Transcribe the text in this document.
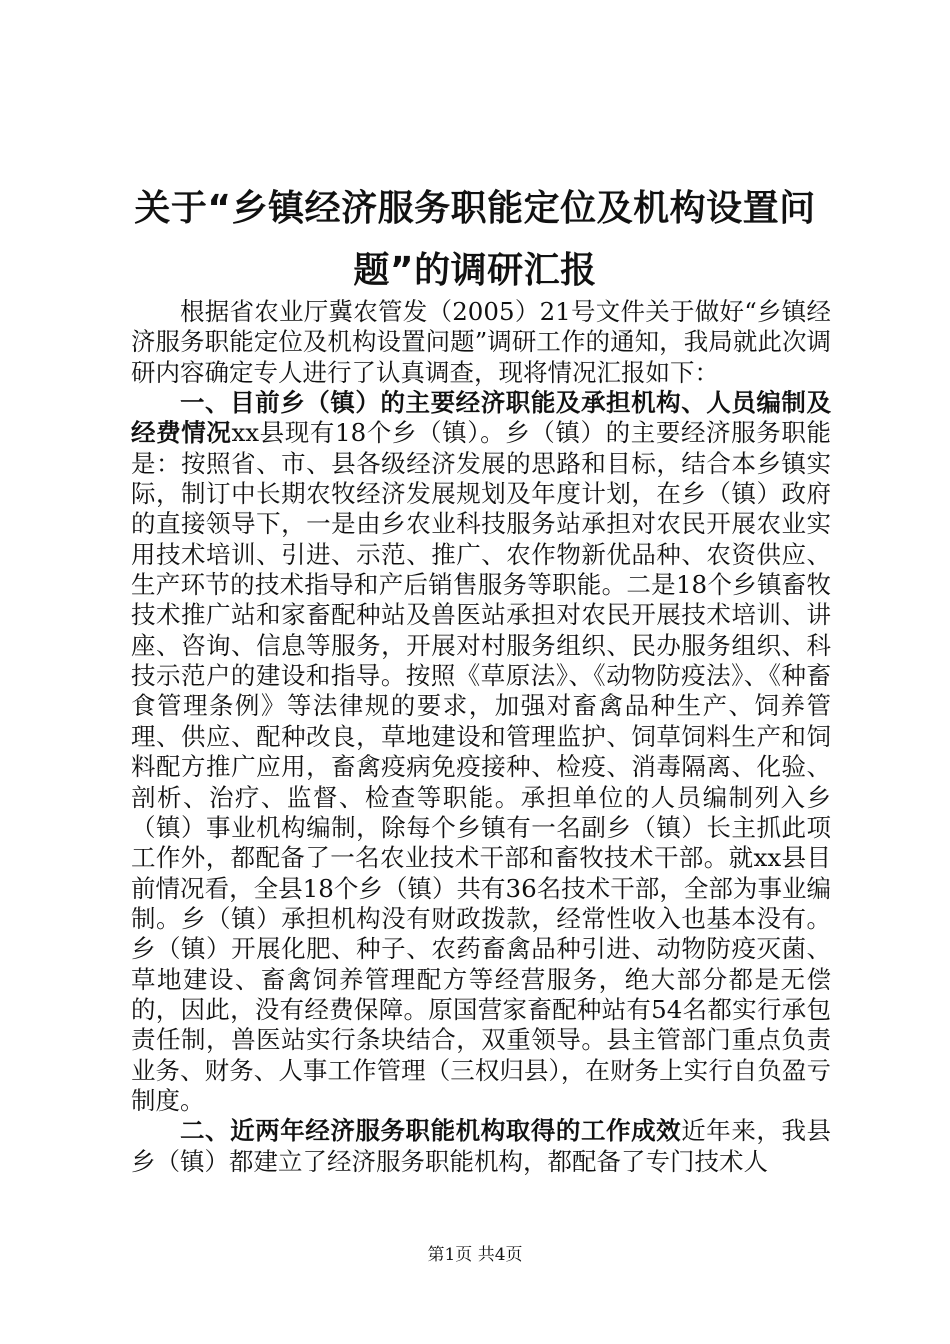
关于“乡镇经济服务职能定位及机构设置问题”的调研汇报

根据省农业厅冀农管发（2005）21号文件关于做好“乡镇经济服务职能定位及机构设置问题”调研工作的通知，我局就此次调研内容确定专人进行了认真调查，现将情况汇报如下：

一、目前乡（镇）的主要经济职能及承担机构、人员编制及经费情况xx县现有18个乡（镇）。乡（镇）的主要经济服务职能是：按照省、市、县各级经济发展的思路和目标，结合本乡镇实际，制订中长期农牧经济发展规划及年度计划，在乡（镇）政府的直接领导下，一是由乡农业科技服务站承担对农民开展农业实用技术培训、引进、示范、推广、农作物新优品种、农资供应、生产环节的技术指导和产后销售服务等职能。二是18个乡镇畜牧技术推广站和家畜配种站及兽医站承担对农民开展技术培训、讲座、咨询、信息等服务，开展对村服务组织、民办服务组织、科技示范户的建设和指导。按照《草原法》、《动物防疫法》、《种畜食管理条例》等法律规的要求，加强对畜禽品种生产、饲养管理、供应、配种改良，草地建设和管理监护、饲草饲料生产和饲料配方推广应用，畜禽疫病免疫接种、检疫、消毒隔离、化验、剖析、治疗、监督、检查等职能。承担单位的人员编制列入乡（镇）事业机构编制，除每个乡镇有一名副乡（镇）长主抓此项工作外，都配备了一名农业技术干部和畜牧技术干部。就xx县目前情况看，全县18个乡（镇）共有36名技术干部，全部为事业编制。乡（镇）承担机构没有财政拨款，经常性收入也基本没有。乡（镇）开展化肥、种子、农药畜禽品种引进、动物防疫灭菌、草地建设、畜禽饲养管理配方等经营服务，绝大部分都是无偿的，因此，没有经费保障。原国营家畜配种站有54名都实行承包责任制，兽医站实行条块结合，双重领导。县主管部门重点负责业务、财务、人事工作管理（三权归县），在财务上实行自负盈亏制度。

二、近两年经济服务职能机构取得的工作成效近年来，我县乡（镇）都建立了经济服务职能机构，都配备了专门技术人

第1页 共4页
